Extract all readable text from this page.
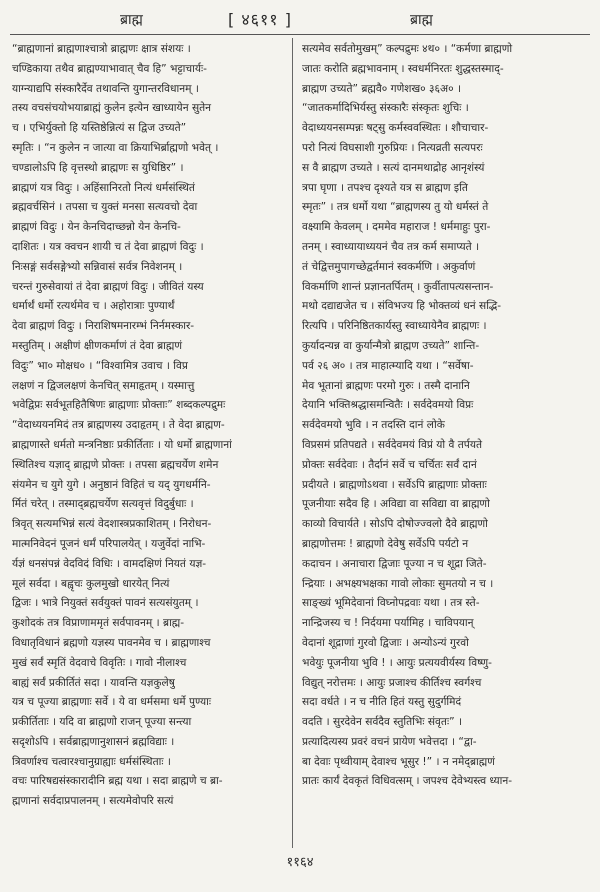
ब्राह्म	[ ४६११ ]	ब्राह्म
“ब्राह्मणानां ब्राह्मणाश्चात्रो ब्राह्मणः क्षात्र संशयः ।
चण्डिकाया तथैव ब्राह्मण्याभावात् चैव हि” भट्टाचार्यः-
याग्न्याद्यपि संस्कारैर्देव तथावन्ति युगान्तरविधानम् ।
तस्य वचसंचयोभयाब्राह्मं कुलेन इत्येन खाध्यायेन सुतेन
च । एभिर्युक्तो हि यस्तिष्ठेन्नित्यं स द्विज उच्यते”
स्मृतिः । “न कुलेन न जात्या वा क्रियाभिर्ब्राह्मणो भवेत् ।
चण्डालोऽपि हि वृत्तस्थो ब्राह्मणः स युधिष्ठिर” ।
ब्राह्मणं यत्र विदुः । अहिंसानिरतो नित्यं धर्मसंस्थितं
ब्रह्मवर्चसिनं । तपसा च युक्तं मनसा सत्यवचो देवा
ब्राह्मणं विदुः । येन केनचिदाच्छन्नो येन केनचि-
दाशितः । यत्र क्वचन शायी च तं देवा ब्राह्मणं विदुः ।
निःसङ्गं सर्वसङ्गेभ्यो सन्निवासं सर्वत्र निवेशनम् ।
चरन्तं गुरुसेवायां तं देवा ब्राह्मणं विदुः । जीवितं यस्य
धर्मार्थं धर्मो रत्यर्थमेव च । अहोरात्राः पुण्यार्थं
देवा ब्राह्मणं विदुः । निराशिषमनारम्भं निर्नमस्कार-
मस्तुतिम् । अक्षीणं क्षीणकर्माणं तं देवा ब्राह्मणं
विदुः” भा० मोक्षध० । “विश्वामित्र उवाच । विप्र
लक्षणं न द्विजलक्षणं केनचित् समाहृतम् । यस्मात्तु
भवेद्विप्रः सर्वभूतहितैषिणः ब्राह्मणाः प्रोक्ताः” शब्दकल्पद्रुमः
“वेदाध्ययनमिदं तत्र ब्राह्मणस्य उदाहृतम् । ते वेदा ब्राह्मण-
ब्राह्मणास्ते धर्मतो मन्त्रनिष्ठाः प्रकीर्तिताः । यो धर्मो ब्राह्मणानां
स्थितिश्च यज्ञाद् ब्राह्मणे प्रोक्तः । तपसा ब्रह्मचर्येण शमेन
संयमेन च युगे युगे । अनुष्ठानं विहितं च यद् युगधर्मनि-
र्मितं चरेत् । तस्माद्ब्रह्मचर्येण सत्यवृत्तं विदुर्बुधाः ।
त्रिवृत् सत्यमभिन्नं सत्यं वेदशास्त्रप्रकाशितम् । निरोधन-
मात्मनिवेदनं पूजनं धर्मं परिपालयेत् । यजुर्वेदां नाभि-
र्यज्ञं धनसंपन्नं वेदविदं विधिः । वामदक्षिणं नियतं यज्ञ-
मूलं सर्वदा । बह्वृचः कुलमुखो धारयेत् नित्यं
द्विजः । भात्रे नियुक्तं सर्वयुक्तं पावनं सत्यसंयुतम् ।
कुशोदकं तत्र विप्राणाममृतं सर्वपावनम् । ब्राह्म-
विधातृविधानं ब्रह्मणो यज्ञस्य पावनमेव च । ब्राह्मणाश्च
मुखं सर्वं स्मृतिं वेदवाचे विवृतिः । गावो नीलाश्च
बाह्यं सर्वं प्रकीर्तितं सदा । यावन्ति यज्ञकुलेषु
यत्र च पूज्या ब्राह्मणाः सर्वे । ये वा धर्मसमा धर्मे पुण्याः
प्रकीर्तिताः । यदि वा ब्राह्मणो राजन् पूज्या सन्त्या
सदृशोऽपि । सर्वब्राह्मणानुशासनं ब्रह्मविद्याः ।
त्रिवर्णाश्च चत्वारश्चानुग्राह्याः धर्मसंस्थिताः ।
वचः पारिषद्यसंस्कारादीनि ब्रह्म यथा । सदा ब्राह्मणे च ब्रा-
ह्मणानां सर्वदाप्रपालनम् । सत्यमेवोपरि सत्यं
सत्यमेव सर्वतोमुखम्” कल्पद्रुमः ४थ० । “कर्मणा ब्राह्मणो
जातः करोति ब्रह्मभावनाम् । स्वधर्मनिरतः शुद्धस्तस्माद्-
ब्राह्मण उच्यते” ब्रह्मवै० गणेशख० ३६अ० ।
“जातकर्मादिभिर्यस्तु संस्कारैः संस्कृतः शुचिः ।
वेदाध्ययनसम्पन्नः षट्सु कर्मस्ववस्थितः । शौचाचार-
परो नित्यं विघसाशी गुरुप्रियः । नित्यव्रती सत्यपरः
स वै ब्राह्मण उच्यते । सत्यं दानमथाद्रोह आनृशंस्यं
त्रपा घृणा । तपश्च दृश्यते यत्र स ब्राह्मण इति
स्मृतः” । तत्र धर्मो यथा “ब्राह्मणस्य तु यो धर्मस्तं ते
वक्ष्यामि केवलम् । दममेव महाराज ! धर्ममाहुः पुरा-
तनम् । स्वाध्यायाध्ययनं चैव तत्र कर्म समाप्यते ।
तं चेद्वित्तमुपागच्छेद्वर्तमानं स्वकर्मणि । अकुर्वाणं
विकर्माणि शान्तं प्रज्ञानतर्पितम् । कुर्वीतापत्यसन्तान-
मथो दद्याद्यजेत च । संविभज्य हि भोक्तव्यं धनं सद्भि-
रित्यपि । परिनिष्ठितकार्यस्तु स्वाध्यायेनैव ब्राह्मणः ।
कुर्यादन्यन्न वा कुर्यान्मैत्रो ब्राह्मण उच्यते” शान्ति-
पर्व २६ अ० । तत्र माहात्म्यादि यथा । “सर्वेषा-
मेव भूतानां ब्राह्मणः परमो गुरुः । तस्मै दानानि
देयानि भक्तिश्रद्धासमन्वितैः । सर्वदेवमयो विप्रः
सर्वदेवमयो भुवि । न तदस्ति दानं लोके
विप्रसमं प्रतिपद्यते । सर्वदेवमयं विप्रं यो वै तर्पयते
प्रोक्तः सर्वदेवाः । तैर्दानं सर्वे च चर्चितः सर्वं दानं
प्रदीयते । ब्राह्मणोऽथवा । सर्वेऽपि ब्राह्मणाः प्रोक्ताः
पूजनीयाः सदैव हि । अविद्या वा सविद्या वा ब्राह्मणो
काव्यो विचार्यते । सोऽपि दोषोज्ज्वलो दैवे ब्राह्मणो
ब्राह्मणोत्तमः ! ब्राह्मणो देवेषु सर्वेऽपि पर्यटो न
कदाचन । अनाचारा द्विजाः पूज्या न च शूद्रा जिते-
न्द्रियाः । अभक्ष्यभक्षका गावो लोकाः सुमतयो न च ।
साङ्ख्यं भूमिदेवानां विघ्नोपद्रवाः यथा । तत्र स्ते-
नान्द्रिजस्य च ! निर्दयमा पर्यामिह । चाविपयान्
वेदानां शूद्राणां गुरवो द्विजाः । अन्योऽन्यं गुरवो
भवेयुः पूजनीया भुवि ! । आयुः प्रत्ययवीर्यस्य विष्णु-
विद्युत् नरोत्तमः । आयुः प्रजाश्च कीर्तिश्च स्वर्गश्च
सदा वर्धते । न च नीति हितं यस्तु सुदुर्गमिदं
वदति । सुरदेवेन सर्वदैव स्तुतिभिः संवृतः” ।
प्रत्यादित्यस्य प्रवरं वचनं प्रायेण भवेत्तदा । “द्वा-
बा देवाः पृथ्वीयाम् देवाश्च भूसुर !” । न नमेद्ब्राह्मणं
प्रातः कार्यं देवकृतं विधिवत्सम् । जपश्च देवेभ्यस्त्व ध्यान-
११६४
